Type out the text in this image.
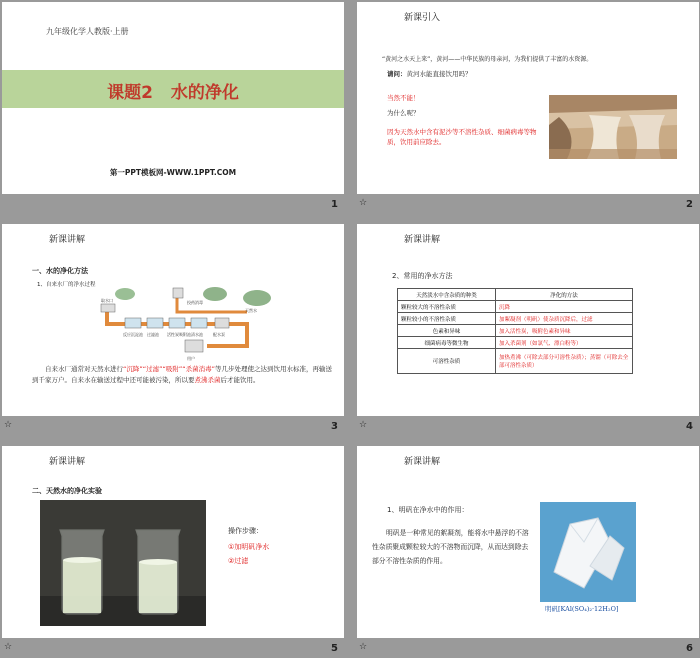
九年级化学人教版·上册
课题2 水的净化
第一PPT模板网-WWW.1PPT.COM
1
新课引入
“黄河之水天上来”，黄河——中华民族的母亲河，为我们提供了丰富的水资源。
请问：黄河水能直接饮用吗？
当然不能！
为什么呢？
因为天然水中含有泥沙等不溶性杂质、细菌病毒等物质，饮用前应除去。
☆	2
新课讲解
一、水的净化方法
1、自来水厂的净水过程
取水口
反应沉淀池 过滤池 活性炭吸附池 清水池
投药消毒
配水泵
用户
天然水
自来水厂通常对天然水进行“沉降”“过滤”“吸附”“杀菌消毒”等几步处理使之达到饮用水标准，再输送到千家万户。自来水在输送过程中还可能被污染，所以要煮沸杀菌后才能饮用。
☆	3
新课讲解
2、常用的净水方法
天然淡水中含杂质的种类	净化的方法
颗粒较大的不溶性杂质	沉降
颗粒较小的不溶性杂质	加絮凝剂（明矾）使杂质沉降后，过滤
色素和异味	加入活性炭，吸附色素和异味
细菌病毒等微生物	加入杀菌剂（如氯气、漂白粉等）
可溶性杂质	加热煮沸（可除去部分可溶性杂质）；蒸馏（可除去全部可溶性杂质）
☆	4
新课讲解
二、天然水的净化实验
操作步骤：
①加明矾净水
②过滤
☆	5
新课讲解
1、明矾在净水中的作用：
明矾是一种常见的絮凝剂，能将水中悬浮的不溶性杂质聚成颗粒较大的不溶物而沉降，从而达到除去部分不溶性杂质的作用。
明矾[KAl(SO₄)₂·12H₂O]
☆	6
